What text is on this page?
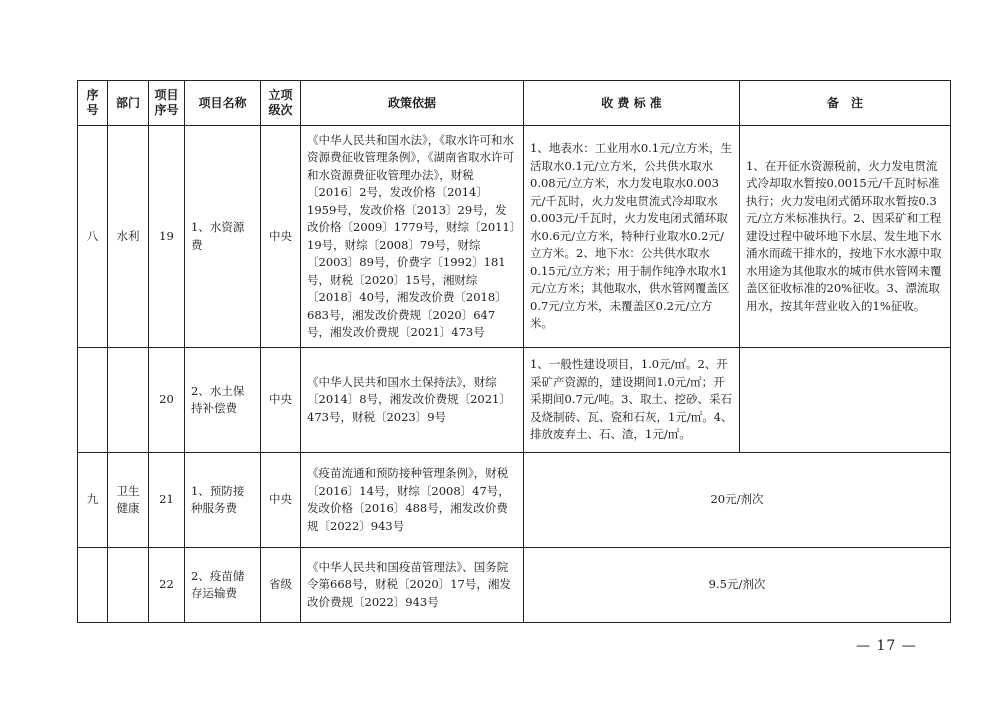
序号	部门	项目序号	项目名称	立项级次	政策依据	收 费 标 准	备　注
八	水利	19	1、水资源费	中央	《中华人民共和国水法》，《取水许可和水资源费征收管理条例》，《湖南省取水许可和水资源费征收管理办法》，财税〔2016〕2号，发改价格〔2014〕1959号，发改价格〔2013〕29号，发改价格〔2009〕1779号，财综〔2011〕19号，财综〔2008〕79号，财综〔2003〕89号，价费字〔1992〕181号，财税〔2020〕15号，湘财综〔2018〕40号，湘发改价费〔2018〕683号，湘发改价费规〔2020〕647号，湘发改价费规〔2021〕473号	1、地表水：工业用水0.1元/立方米，生活取水0.1元/立方米，公共供水取水0.08元/立方米，水力发电取水0.003元/千瓦时，火力发电贯流式冷却取水0.003元/千瓦时，火力发电闭式循环取水0.6元/立方米，特种行业取水0.2元/立方米。2、地下水：公共供水取水0.15元/立方米；用于制作纯净水取水1元/立方米；其他取水，供水管网覆盖区0.7元/立方米，未覆盖区0.2元/立方米。	1、在开征水资源税前，火力发电贯流式冷却取水暂按0.0015元/千瓦时标准执行；火力发电闭式循环取水暂按0.3元/立方米标准执行。2、因采矿和工程建设过程中破坏地下水层、发生地下水涌水而疏干排水的，按地下水水源中取水用途为其他取水的城市供水管网未覆盖区征收标准的20%征收。3、漂流取用水，按其年营业收入的1%征收。
		20	2、水土保持补偿费	中央	《中华人民共和国水土保持法》，财综〔2014〕8号，湘发改价费规〔2021〕473号，财税〔2023〕9号	1、一般性建设项目，1.0元/㎡。2、开采矿产资源的，建设期间1.0元/㎡；开采期间0.7元/吨。3、取土、挖砂、采石及烧制砖、瓦、瓷和石灰，1元/㎡。4、排放废弃土、石、渣，1元/㎡。	
九	卫生健康	21	1、预防接种服务费	中央	《疫苗流通和预防接种管理条例》，财税〔2016〕14号，财综〔2008〕47号，发改价格〔2016〕488号，湘发改价费规〔2022〕943号	20元/剂次	
		22	2、疫苗储存运输费	省级	《中华人民共和国疫苗管理法》、国务院令第668号，财税〔2020〕17号，湘发改价费规〔2022〕943号	9.5元/剂次	
— 17 —
